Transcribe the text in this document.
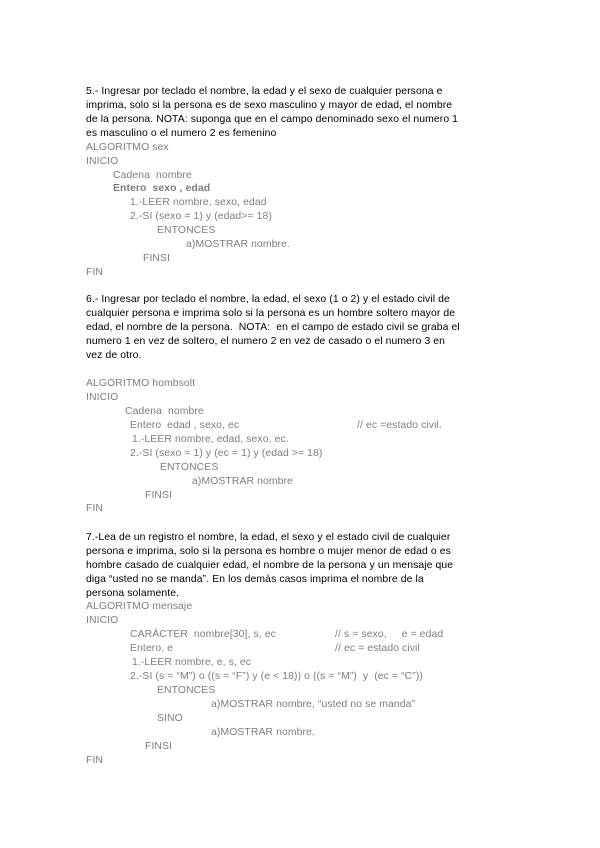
5.- Ingresar por teclado el nombre, la edad y el sexo de cualquier persona e
imprima, solo si la persona es de sexo masculino y mayor de edad, el nombre
de la persona. NOTA: suponga que en el campo denominado sexo el numero 1
es masculino o el numero 2 es femenino
ALGORITMO sex
INICIO
Cadena  nombre
Entero  sexo , edad
1.-LEER nombre, sexo, edad
2.-SI (sexo = 1) y (edad>= 18)
ENTONCES
a)MOSTRAR nombre.
FINSI
FIN
6.- Ingresar por teclado el nombre, la edad, el sexo (1 o 2) y el estado civil de
cualquier persona e imprima solo si la persona es un hombre soltero mayor de
edad, el nombre de la persona.  NOTA:  en el campo de estado civil se graba el
numero 1 en vez de soltero, el numero 2 en vez de casado o el numero 3 en
vez de otro.
ALGORITMO hombsolt
INICIO
Cadena  nombre
Entero  edad , sexo, ec	// ec =estado civil.
1.-LEER nombre, edad, sexo, ec.
2.-SI (sexo = 1) y (ec = 1) y (edad >= 18)
ENTONCES
a)MOSTRAR nombre
FINSI
FIN
7.-Lea de un registro el nombre, la edad, el sexo y el estado civil de cualquier
persona e imprima, solo si la persona es hombre o mujer menor de edad o es
hombre casado de cualquier edad, el nombre de la persona y un mensaje que
diga “usted no se manda”. En los demás casos imprima el nombre de la
persona solamente.
ALGORITMO mensaje
INICIO
CARÁCTER  nombre[30], s, ec	// s = sexo,     e = edad
Entero, e	// ec = estado civil
1.-LEER nombre, e, s, ec
2.-SI (s = “M”) o ((s = “F”) y (e < 18)) o ((s = “M”)  y  (ec = “C”))
ENTONCES
a)MOSTRAR nombre, “usted no se manda”
SINO
a)MOSTRAR nombre.
FINSI
FIN
